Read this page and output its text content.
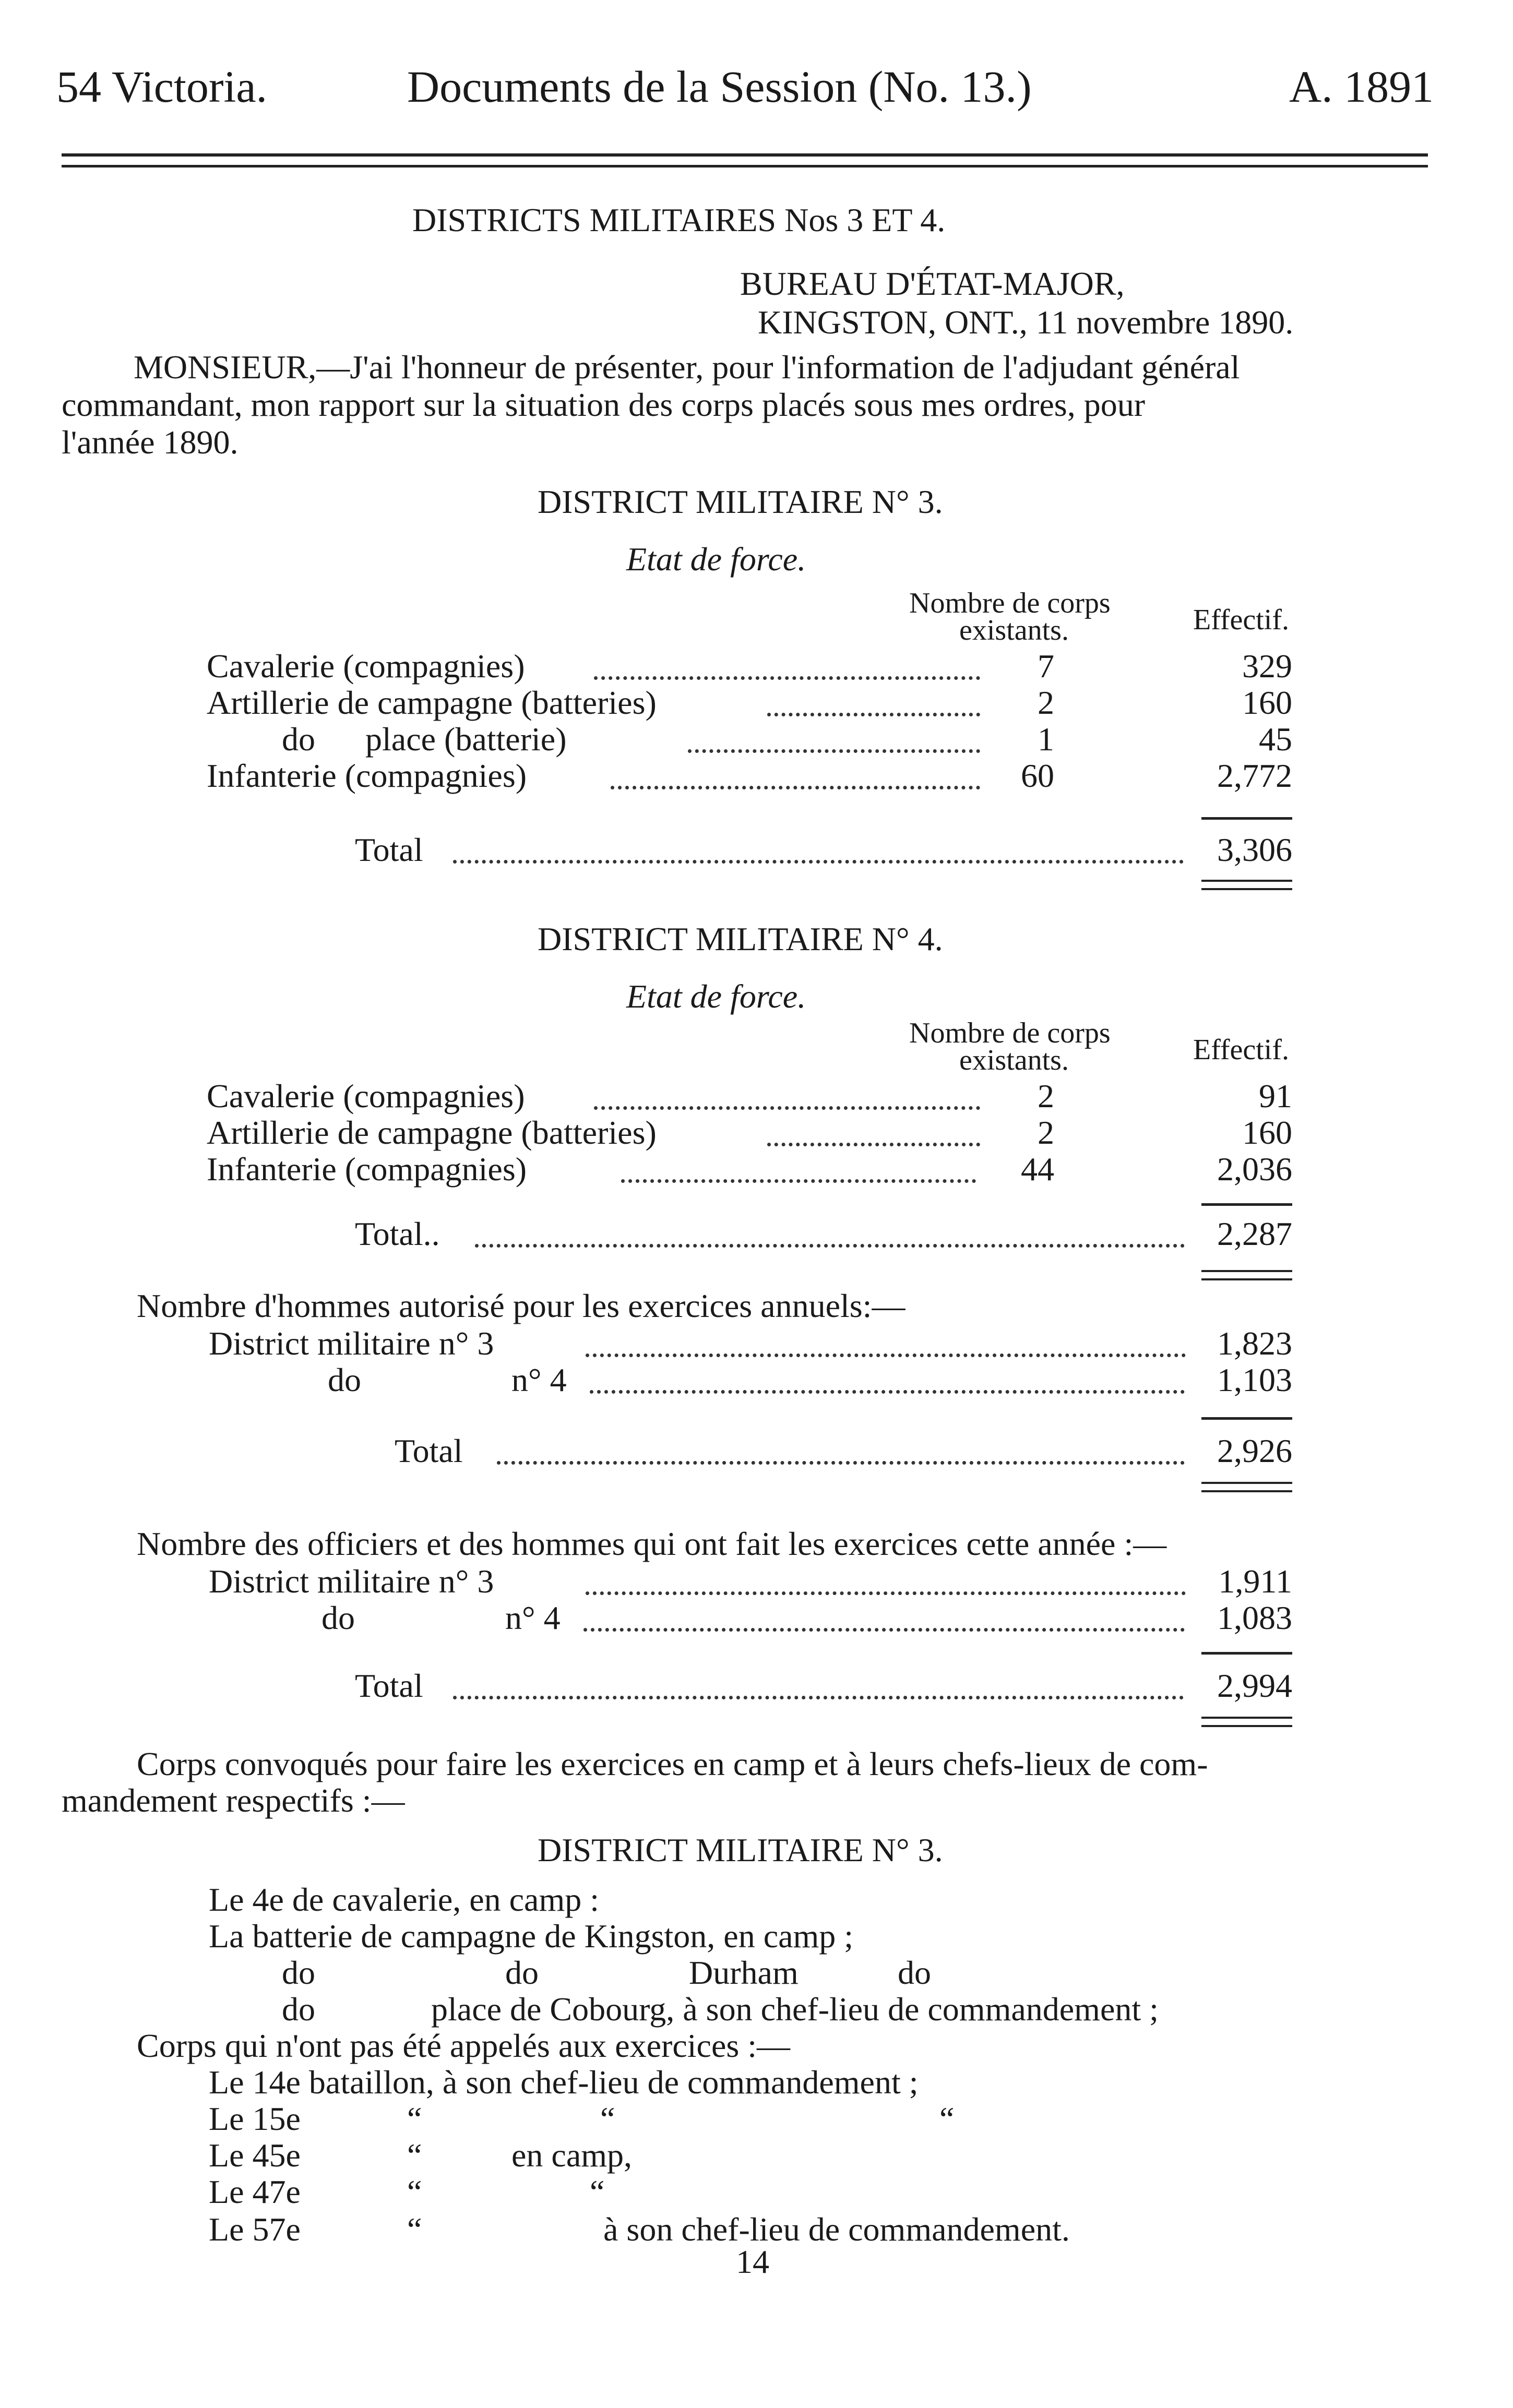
54 Victoria.	Documents de la Session (No. 13.)	A. 1891
DISTRICTS MILITAIRES Nos 3 ET 4.
BUREAU D'ÉTAT-MAJOR,
KINGSTON, ONT., 11 novembre 1890.
MONSIEUR,—J'ai l'honneur de présenter, pour l'information de l'adjudant général
commandant, mon rapport sur la situation des corps placés sous mes ordres, pour
l'année 1890.
DISTRICT MILITAIRE N° 3.
Etat de force.
Nombre de corps
existants.	Effectif.
Cavalerie (compagnies)	7	329
Artillerie de campagne (batteries)	2	160
do      place (batterie)	1	45
Infanterie (compagnies)	60	2,772
Total	3,306
DISTRICT MILITAIRE N° 4.
Etat de force.
Nombre de corps
existants.	Effectif.
Cavalerie (compagnies)	2	91
Artillerie de campagne (batteries)	2	160
Infanterie (compagnies)	44	2,036
Total..	2,287
Nombre d'hommes autorisé pour les exercices annuels:—
District militaire n° 3	1,823
do	n° 4	1,103
Total	2,926
Nombre des officiers et des hommes qui ont fait les exercices cette année :—
District militaire n° 3	1,911
do	n° 4	1,083
Total	2,994
Corps convoqués pour faire les exercices en camp et à leurs chefs-lieux de com-
mandement respectifs :—
DISTRICT MILITAIRE N° 3.
Le 4e de cavalerie, en camp :
La batterie de campagne de Kingston, en camp ;
do	do	Durham	do
do	place de Cobourg, à son chef-lieu de commandement ;
Corps qui n'ont pas été appelés aux exercices :—
Le 14e bataillon, à son chef-lieu de commandement ;
Le 15e	“	“	“
Le 45e	“	en camp,
Le 47e	“	“
Le 57e	“	à son chef-lieu de commandement.
14
